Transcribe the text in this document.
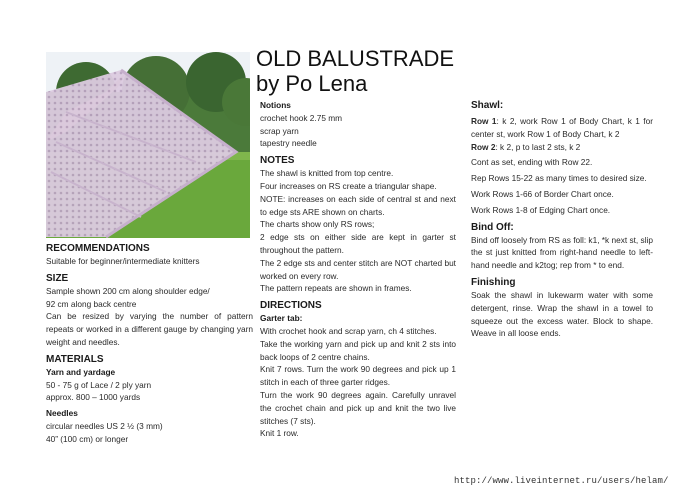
OLD BALUSTRADE
by Po Lena

RECOMMENDATIONS

Suitable for beginner/intermediate knitters

SIZE

Sample shown 200 cm along shoulder edge/

92 cm along back centre

Can be resized by varying the number of pattern repeats or worked in a different gauge by changing yarn weight and needles.

MATERIALS

Yarn and yardage

50 - 75 g of Lace / 2 ply yarn

approx. 800 – 1000 yards

Needles

circular needles US 2 ½ (3 mm)

40” (100 cm) or longer

Notions

crochet hook 2.75 mm

scrap yarn

tapestry needle

NOTES

The shawl is knitted from top centre.

Four increases on RS create a triangular shape.

NOTE: increases on each side of central st and next to edge sts ARE shown on charts.

The charts show only RS rows;

2 edge sts on either side are kept in garter st throughout the pattern.

The 2 edge sts and center stitch are NOT charted but worked on every row.

The pattern repeats are shown in frames.

DIRECTIONS

Garter tab:

With crochet hook and scrap yarn, ch 4 stitches.

Take the working yarn and pick up and knit 2 sts into back loops of 2 centre chains.

Knit 7 rows. Turn the work 90 degrees and pick up 1 stitch in each of three garter ridges.

Turn the work 90 degrees again. Carefully unravel the crochet chain and pick up and knit the two live stitches (7 sts).

Knit 1 row.

Shawl:

Row 1: k 2, work Row 1 of Body Chart, k 1 for center st, work Row 1 of Body Chart, k 2

Row 2: k 2, p to last 2 sts, k 2

Cont as set, ending with Row 22.

Rep Rows 15-22 as many times to desired size.

Work Rows 1-66 of Border Chart once.

Work Rows 1-8 of Edging Chart once.

Bind Off:

Bind off loosely from RS as foll: k1, *k next st, slip the st just knitted from right-hand needle to left-hand needle and k2tog; rep from * to end.

Finishing

Soak the shawl in lukewarm water with some detergent, rinse. Wrap the shawl in a towel to squeeze out the excess water. Block to shape. Weave in all loose ends.

http://www.liveinternet.ru/users/helam/
